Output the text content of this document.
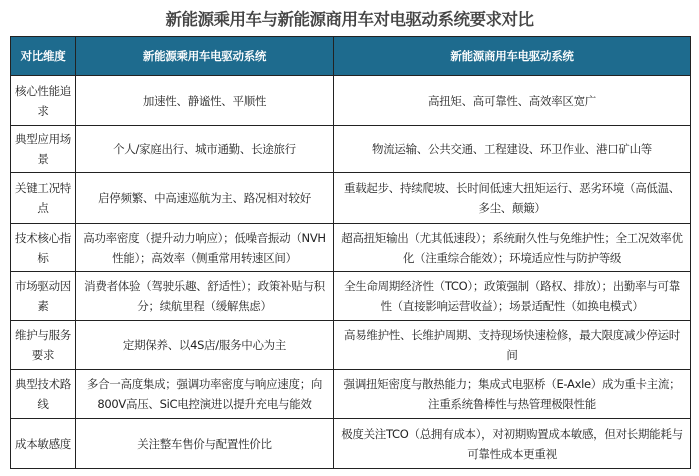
新能源乘用车与新能源商用车对电驱动系统要求对比
对比维度	新能源乘用车电驱动系统	新能源商用车电驱动系统
核心性能追求	加速性、静谧性、平顺性	高扭矩、高可靠性、高效率区宽广
典型应用场景	个人/家庭出行、城市通勤、长途旅行	物流运输、公共交通、工程建设、环卫作业、港口矿山等
关键工况特点	启停频繁、中高速巡航为主、路况相对较好	重载起步、持续爬坡、长时间低速大扭矩运行、恶劣环境（高低温、多尘、颠簸）
技术核心指标	高功率密度（提升动力响应）；低噪音振动（NVH性能）；高效率（侧重常用转速区间）	超高扭矩输出（尤其低速段）；系统耐久性与免维护性；全工况效率优化（注重综合能效）；环境适应性与防护等级
市场驱动因素	消费者体验（驾驶乐趣、舒适性）；政策补贴与积分；续航里程（缓解焦虑）	全生命周期经济性（TCO）；政策强制（路权、排放）；出勤率与可靠性（直接影响运营收益）；场景适配性（如换电模式）
维护与服务要求	定期保养、以4S店/服务中心为主	高易维护性、长维护周期、支持现场快速检修，最大限度减少停运时间
典型技术路线	多合一高度集成；强调功率密度与响应速度；向800V高压、SiC电控演进以提升充电与能效	强调扭矩密度与散热能力；集成式电驱桥（E-Axle）成为重卡主流；注重系统鲁棒性与热管理极限性能
成本敏感度	关注整车售价与配置性价比	极度关注TCO（总拥有成本），对初期购置成本敏感，但对长期能耗与可靠性成本更重视
